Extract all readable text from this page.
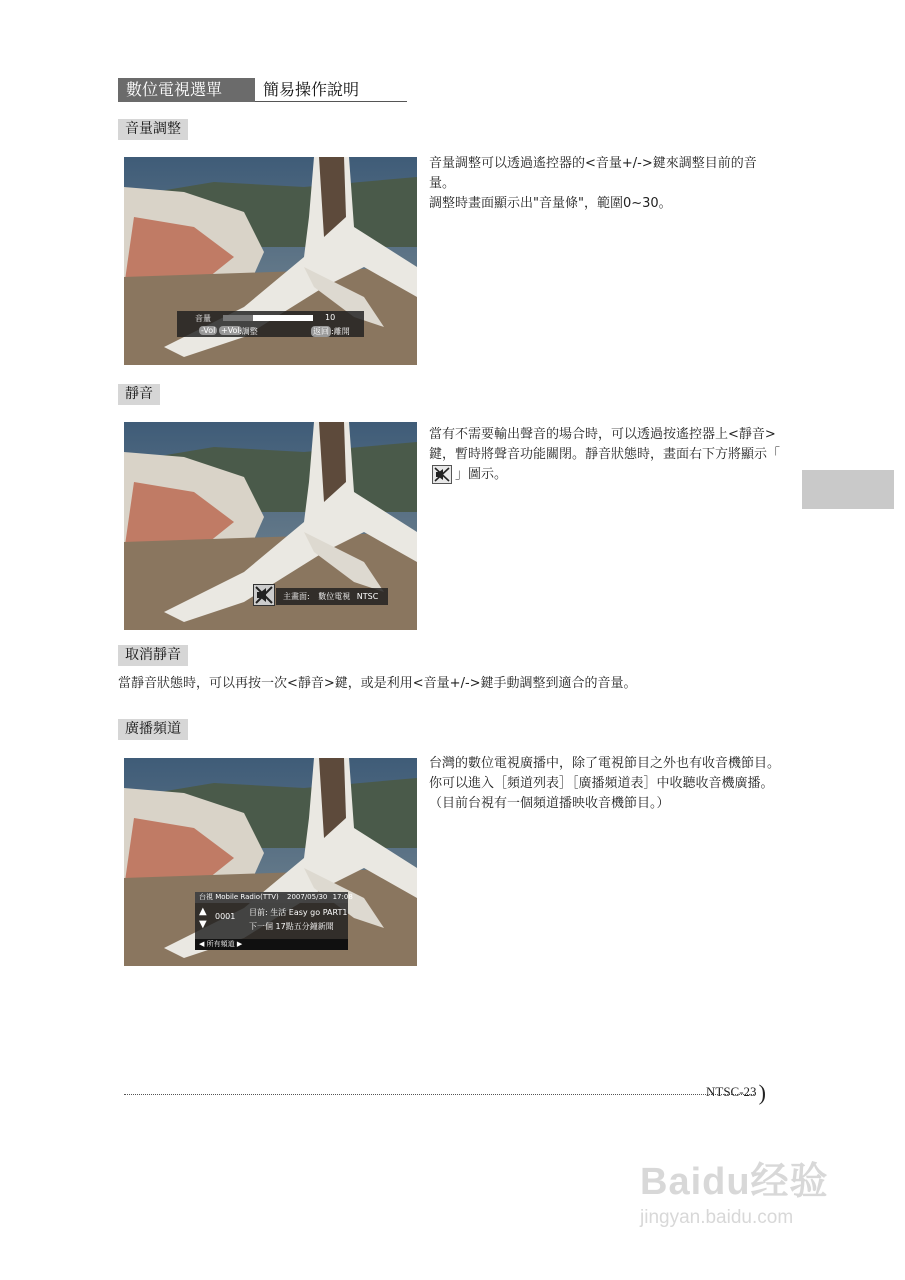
數位電視選單	簡易操作說明
音量調整
音量	10
-Vol +Vol :調整	返回 :離開
音量調整可以透過遙控器的<音量+/->鍵來調整目前的音量。
調整時畫面顯示出"音量條"，範圍0~30。
靜音
主畫面: 數位電視 NTSC
當有不需要輸出聲音的場合時，可以透過按遙控器上<靜音>鍵，暫時將聲音功能關閉。靜音狀態時，畫面右下方將顯示「」圖示。
取消靜音
當靜音狀態時，可以再按一次<靜音>鍵，或是利用<音量+/->鍵手動調整到適合的音量。
廣播頻道
台視 Mobile Radio(TTV) 2007/05/30 17:08
▲
▼
0001 目前: 生活 Easy go PART1
下一個 17點五分鐘新聞
◀ 所有頻道 ▶
台灣的數位電視廣播中，除了電視節目之外也有收音機節目。你可以進入［頻道列表］［廣播頻道表］中收聽收音機廣播。
（目前台視有一個頻道播映收音機節目。）
NTSC-23)
Baidu经验
jingyan.baidu.com
